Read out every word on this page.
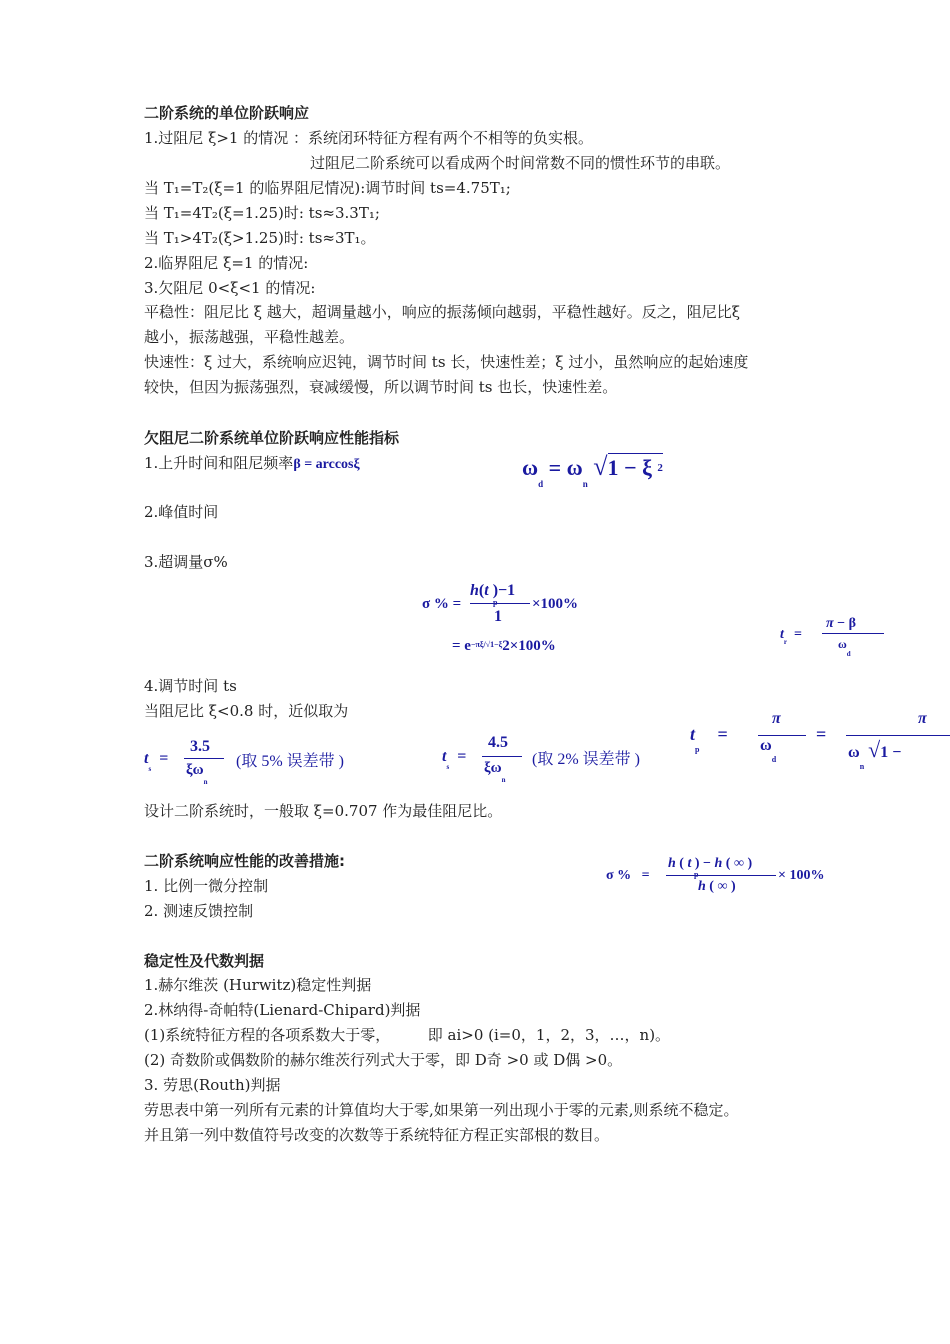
二阶系统的单位阶跃响应
1.过阻尼 ξ>1 的情况 ：系统闭环特征方程有两个不相等的负实根。
过阻尼二阶系统可以看成两个时间常数不同的惯性环节的串联。
当 T₁=T₂(ξ=1 的临界阻尼情况):调节时间 ts=4.75T₁;
当 T₁=4T₂(ξ=1.25)时: ts≈3.3T₁;
当 T₁>4T₂(ξ>1.25)时: ts≈3T₁。
2.临界阻尼 ξ=1 的情况:
3.欠阻尼 0<ξ<1 的情况:
平稳性：阻尼比 ξ 越大，超调量越小，响应的振荡倾向越弱，平稳性越好。反之，阻尼比ξ
越小，振荡越强，平稳性越差。
快速性：ξ 过大，系统响应迟钝，调节时间 ts 长，快速性差；ξ 过小，虽然响应的起始速度
较快，但因为振荡强烈，衰减缓慢，所以调节时间 ts 也长，快速性差。
欠阻尼二阶系统单位阶跃响应性能指标
1.上升时间和阻尼频率β = arccosξ	$\omega_d = \omega_n$ √1 − ξ 2
2.峰值时间
3.超调量σ%
σ % =
h(t )−1
p
1
×100%
= $e^{-\pi\xi/√1-\xi}2\times 100\%$
$t_r$  =
π − β
$\omega_d$
4.调节时间 ts
当阻尼比 ξ<0.8 时，近似取为
$t_s$  =
3.5
$\xi\omega_n$
(取 5% 误差带 )	$t_s$  =
4.5
$\xi\omega_n$
(取 2% 误差带 )
$t_p$    =
π
$\omega_d$
=
π
$\omega_n$ √1 −
设计二阶系统时，一般取 ξ=0.707 作为最佳阻尼比。
二阶系统响应性能的改善措施:
1. 比例一微分控制
2. 测速反馈控制
σ %   =
h ( t ) − h ( ∞ )
p
h ( ∞ )
× 100%
稳定性及代数判据
1.赫尔维茨 (Hurwitz)稳定性判据
2.林纳得-奇帕特(Lienard-Chipard)判据
(1)系统特征方程的各项系数大于零，　　　即 ai>0 (i=0，1，2，3，…，n)。
(2) 奇数阶或偶数阶的赫尔维茨行列式大于零，即 D奇 >0 或 D偶 >0。
3. 劳思(Routh)判据
劳思表中第一列所有元素的计算值均大于零,如果第一列出现小于零的元素,则系统不稳定。
并且第一列中数值符号改变的次数等于系统特征方程正实部根的数目。
